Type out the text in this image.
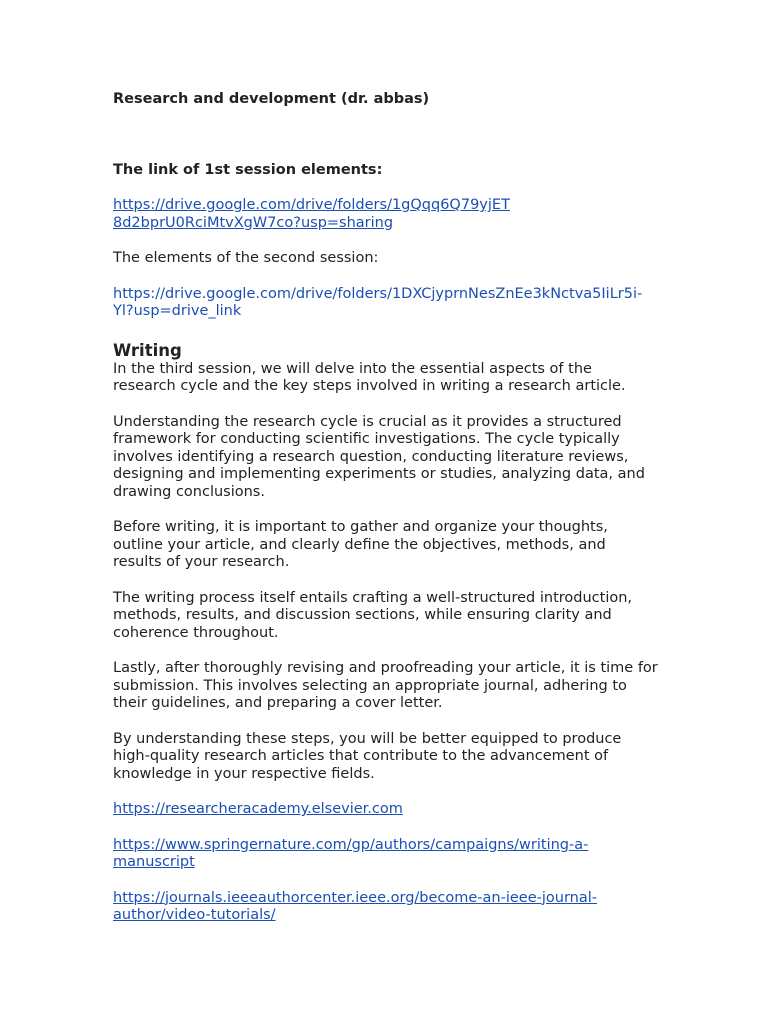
Research and development (dr. abbas)

The link of 1st session elements:

https://drive.google.com/drive/folders/1gQqq6Q79yjET8d2bprU0RciMtvXgW7co?usp=sharing

The elements of the second session:

https://drive.google.com/drive/folders/1DXCjyprnNesZnEe3kNctva5IiLr5i-Yl?usp=drive_link

Writing

In the third session, we will delve into the essential aspects of the research cycle and the key steps involved in writing a research article.

Understanding the research cycle is crucial as it provides a structured framework for conducting scientific investigations. The cycle typically involves identifying a research question, conducting literature reviews, designing and implementing experiments or studies, analyzing data, and drawing conclusions.

Before writing, it is important to gather and organize your thoughts, outline your article, and clearly define the objectives, methods, and results of your research.

The writing process itself entails crafting a well-structured introduction, methods, results, and discussion sections, while ensuring clarity and coherence throughout.

Lastly, after thoroughly revising and proofreading your article, it is time for submission. This involves selecting an appropriate journal, adhering to their guidelines, and preparing a cover letter.

By understanding these steps, you will be better equipped to produce high-quality research articles that contribute to the advancement of knowledge in your respective fields.

https://researcheracademy.elsevier.com

https://www.springernature.com/gp/authors/campaigns/writing-a-manuscript

https://journals.ieeeauthorcenter.ieee.org/become-an-ieee-journal-author/video-tutorials/
